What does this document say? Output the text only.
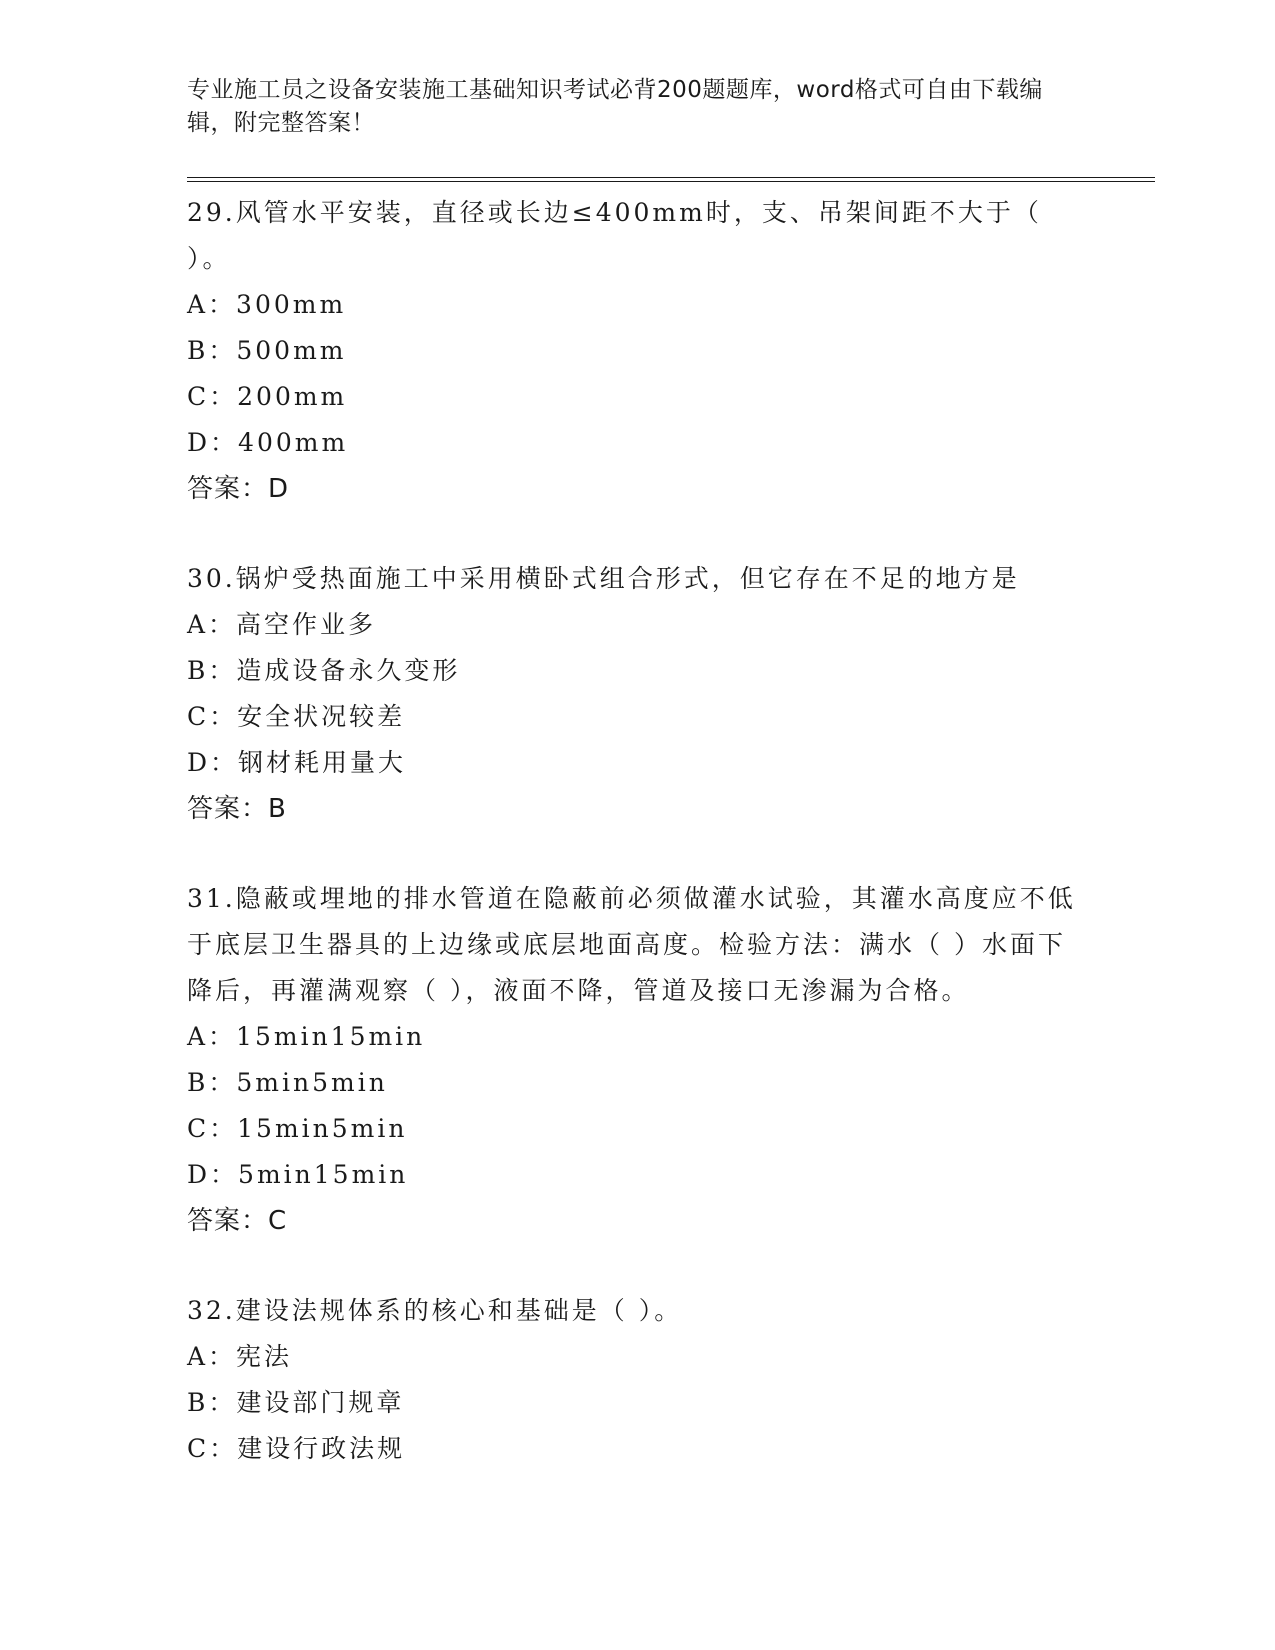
专业施工员之设备安装施工基础知识考试必背200题题库，word格式可自由下载编辑，附完整答案！

29.风管水平安装，直径或长边≤400mm时，支、吊架间距不大于（ ）。

A：300mm

B：500mm

C：200mm

D：400mm

答案：D

30.锅炉受热面施工中采用横卧式组合形式，但它存在不足的地方是

A：高空作业多

B：造成设备永久变形

C：安全状况较差

D：钢材耗用量大

答案：B

31.隐蔽或埋地的排水管道在隐蔽前必须做灌水试验，其灌水高度应不低于底层卫生器具的上边缘或底层地面高度。检验方法：满水（ ）水面下降后，再灌满观察（ ），液面不降，管道及接口无渗漏为合格。

A：15min15min

B：5min5min

C：15min5min

D：5min15min

答案：C

32.建设法规体系的核心和基础是（ ）。

A：宪法

B：建设部门规章

C：建设行政法规
